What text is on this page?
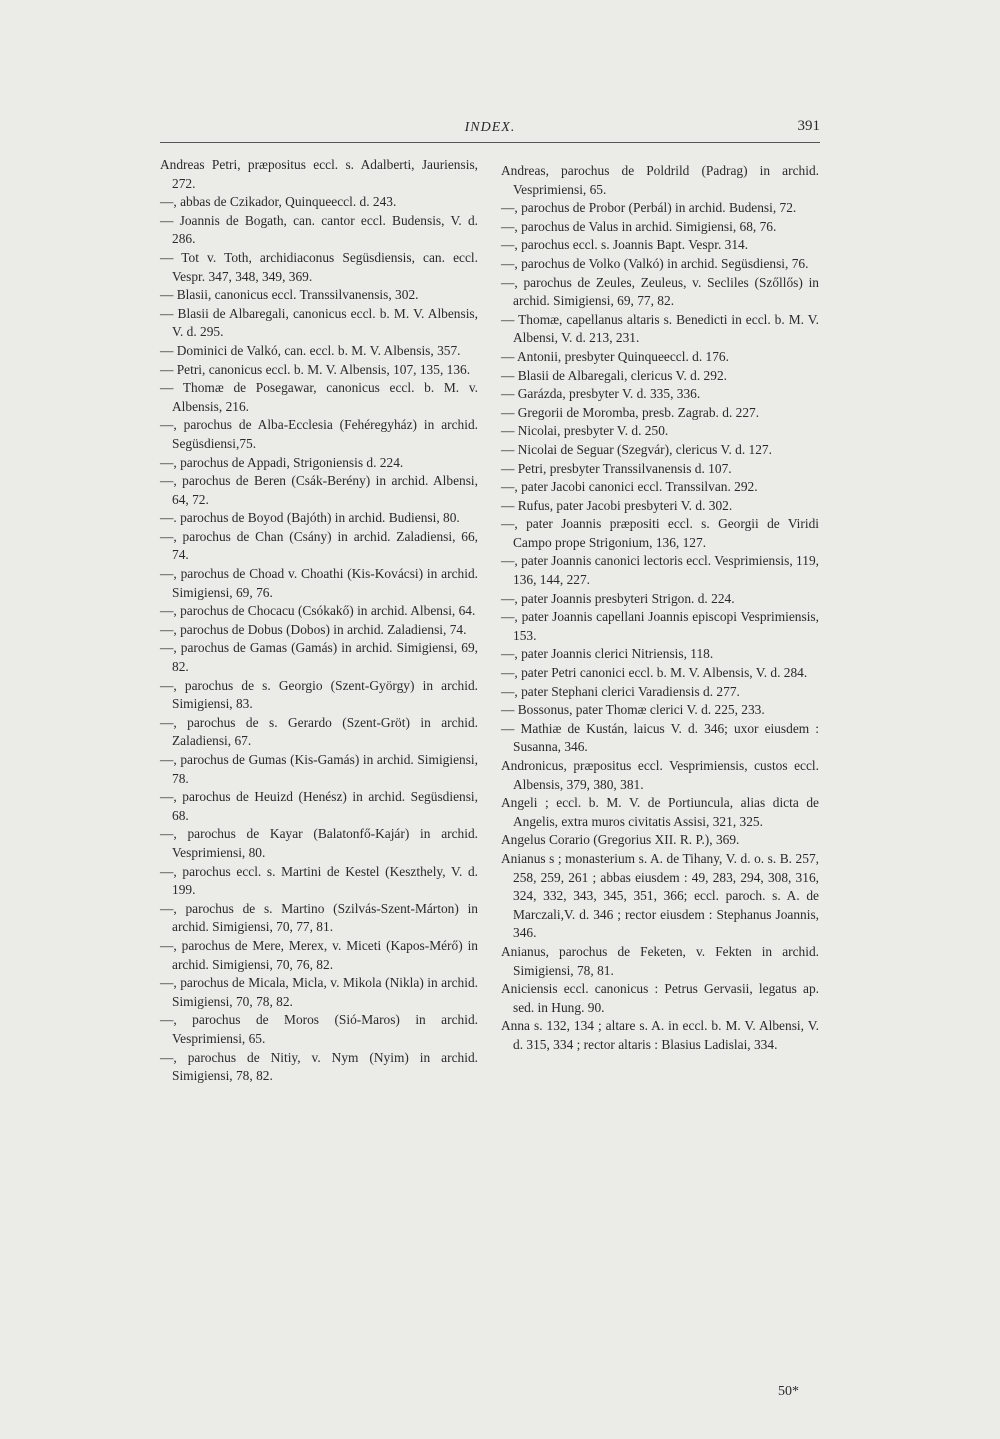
INDEX.	391

Andreas Petri, præpositus eccl. s. Adalberti, Jauriensis, 272.

—, abbas de Czikador, Quinqueeccl. d. 243.

— Joannis de Bogath, can. cantor eccl. Budensis, V. d. 286.

— Tot v. Toth, archidiaconus Següsdiensis, can. eccl. Vespr. 347, 348, 349, 369.

— Blasii, canonicus eccl. Transsilvanensis, 302.

— Blasii de Albaregali, canonicus eccl. b. M. V. Albensis, V. d. 295.

— Dominici de Valkó, can. eccl. b. M. V. Albensis, 357.

— Petri, canonicus eccl. b. M. V. Albensis, 107, 135, 136.

— Thomæ de Posegawar, canonicus eccl. b. M. v. Albensis, 216.

—, parochus de Alba-Ecclesia (Fehéregyház) in archid. Següsdiensi,75.

—, parochus de Appadi, Strigoniensis d. 224.

—, parochus de Beren (Csák-Berény) in archid. Albensi, 64, 72.

—. parochus de Boyod (Bajóth) in archid. Budiensi, 80.

—, parochus de Chan (Csány) in archid. Zaladiensi, 66, 74.

—, parochus de Choad v. Choathi (Kis-Kovácsi) in archid. Simigiensi, 69, 76.

—, parochus de Chocacu (Csókakő) in archid. Albensi, 64.

—, parochus de Dobus (Dobos) in archid. Zaladiensi, 74.

—, parochus de Gamas (Gamás) in archid. Simigiensi, 69, 82.

—, parochus de s. Georgio (Szent-György) in archid. Simigiensi, 83.

—, parochus de s. Gerardo (Szent-Gröt) in archid. Zaladiensi, 67.

—, parochus de Gumas (Kis-Gamás) in archid. Simigiensi, 78.

—, parochus de Heuizd (Henész) in archid. Següsdiensi, 68.

—, parochus de Kayar (Balatonfő-Kajár) in archid. Vesprimiensi, 80.

—, parochus eccl. s. Martini de Kestel (Keszthely, V. d. 199.

—, parochus de s. Martino (Szilvás-Szent-Márton) in archid. Simigiensi, 70, 77, 81.

—, parochus de Mere, Merex, v. Miceti (Kapos-Mérő) in archid. Simigiensi, 70, 76, 82.

—, parochus de Micala, Micla, v. Mikola (Nikla) in archid. Simigiensi, 70, 78, 82.

—, parochus de Moros (Sió-Maros) in archid. Vesprimiensi, 65.

—, parochus de Nitiy, v. Nym (Nyim) in archid. Simigiensi, 78, 82.

Andreas, parochus de Poldrild (Padrag) in archid. Vesprimiensi, 65.

—, parochus de Probor (Perbál) in archid. Budensi, 72.

—, parochus de Valus in archid. Simigiensi, 68, 76.

—, parochus eccl. s. Joannis Bapt. Vespr. 314.

—, parochus de Volko (Valkó) in archid. Següsdiensi, 76.

—, parochus de Zeules, Zeuleus, v. Secliles (Szőllős) in archid. Simigiensi, 69, 77, 82.

— Thomæ, capellanus altaris s. Benedicti in eccl. b. M. V. Albensi, V. d. 213, 231.

— Antonii, presbyter Quinqueeccl. d. 176.

— Blasii de Albaregali, clericus V. d. 292.

— Garázda, presbyter V. d. 335, 336.

— Gregorii de Moromba, presb. Zagrab. d. 227.

— Nicolai, presbyter V. d. 250.

— Nicolai de Seguar (Szegvár), clericus V. d. 127.

— Petri, presbyter Transsilvanensis d. 107.

—, pater Jacobi canonici eccl. Transsilvan. 292.

— Rufus, pater Jacobi presbyteri V. d. 302.

—, pater Joannis præpositi eccl. s. Georgii de Viridi Campo prope Strigonium, 136, 127.

—, pater Joannis canonici lectoris eccl. Vesprimiensis, 119, 136, 144, 227.

—, pater Joannis presbyteri Strigon. d. 224.

—, pater Joannis capellani Joannis episcopi Vesprimiensis, 153.

—, pater Joannis clerici Nitriensis, 118.

—, pater Petri canonici eccl. b. M. V. Albensis, V. d. 284.

—, pater Stephani clerici Varadiensis d. 277.

— Bossonus, pater Thomæ clerici V. d. 225, 233.

— Mathiæ de Kustán, laicus V. d. 346; uxor eiusdem : Susanna, 346.

Andronicus, præpositus eccl. Vesprimiensis, custos eccl. Albensis, 379, 380, 381.

Angeli ; eccl. b. M. V. de Portiuncula, alias dicta de Angelis, extra muros civitatis Assisi, 321, 325.

Angelus Corario (Gregorius XII. R. P.), 369.

Anianus s ; monasterium s. A. de Tihany, V. d. o. s. B. 257, 258, 259, 261 ; abbas eiusdem : 49, 283, 294, 308, 316, 324, 332, 343, 345, 351, 366; eccl. paroch. s. A. de Marczali,V. d. 346 ; rector eiusdem : Stephanus Joannis, 346.

Anianus, parochus de Feketen, v. Fekten in archid. Simigiensi, 78, 81.

Aniciensis eccl. canonicus : Petrus Gervasii, legatus ap. sed. in Hung. 90.

Anna s. 132, 134 ; altare s. A. in eccl. b. M. V. Albensi, V. d. 315, 334 ; rector altaris : Blasius Ladislai, 334.

50*
